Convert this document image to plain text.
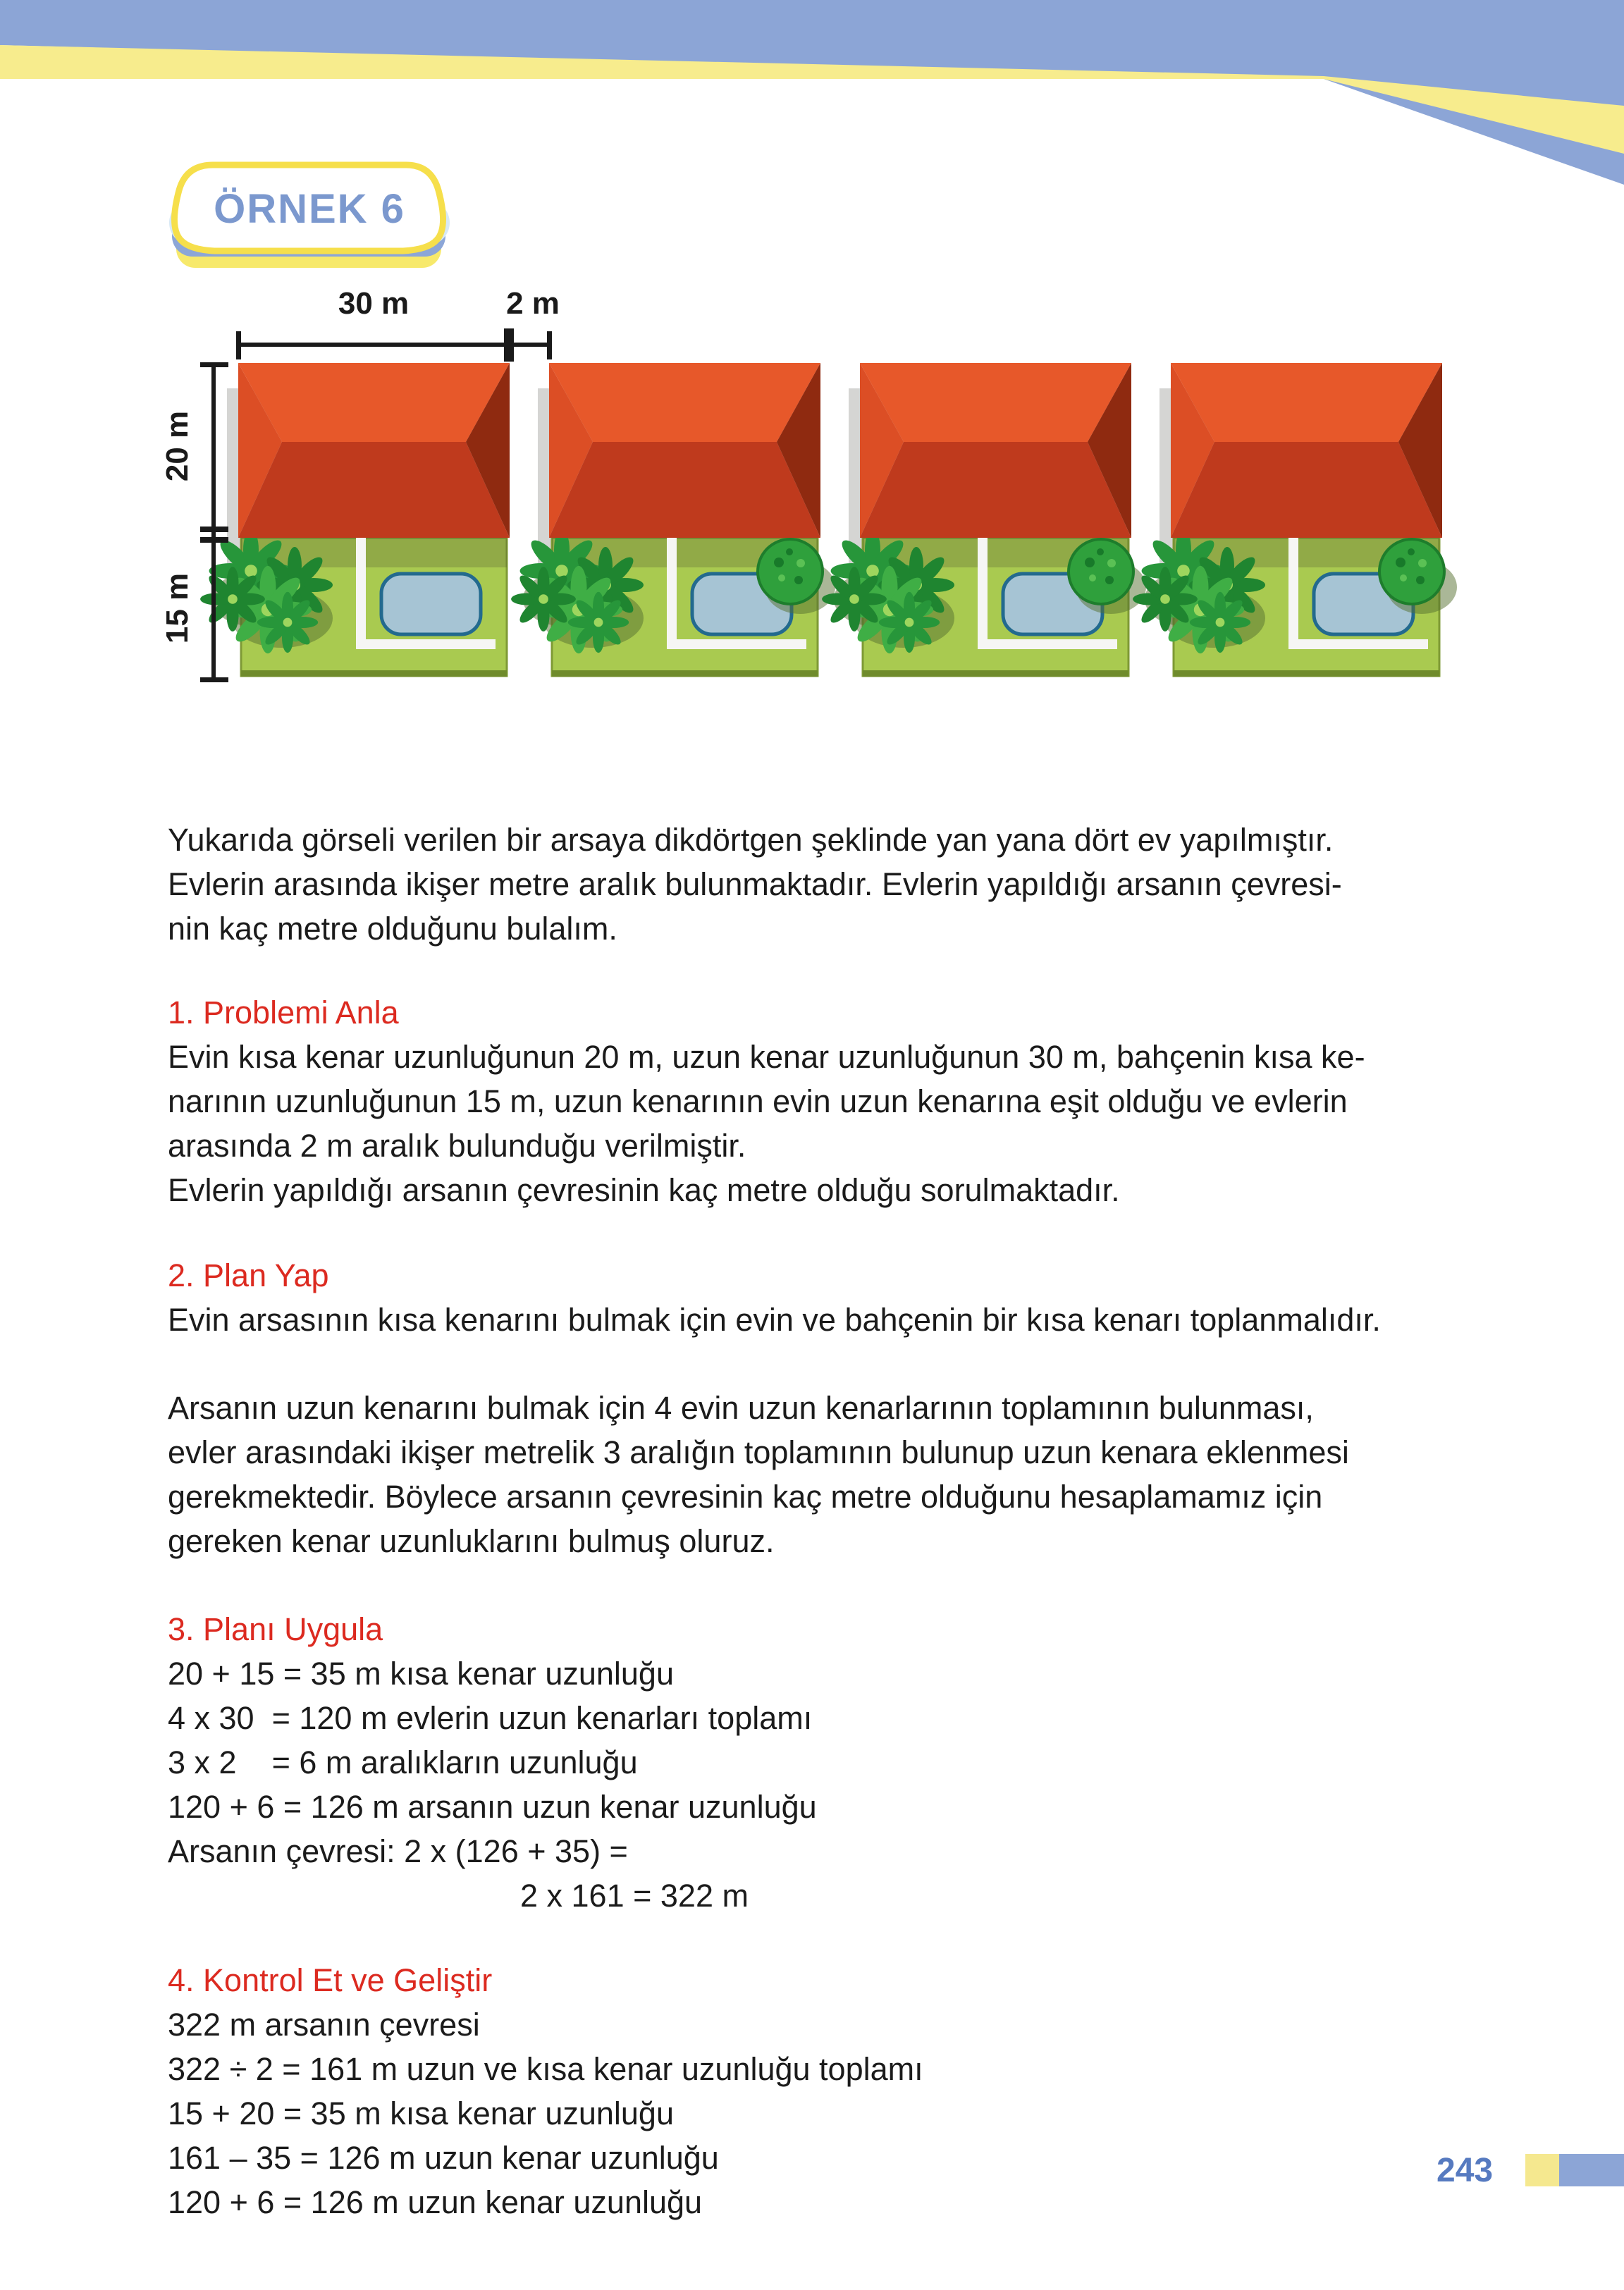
ÖRNEK 6
30 m	2 m
20 m
15 m
Yukarıda görseli verilen bir arsaya dikdörtgen şeklinde yan yana dört ev yapılmıştır.
Evlerin arasında ikişer metre aralık bulunmaktadır. Evlerin yapıldığı arsanın çevresi-
nin kaç metre olduğunu bulalım.
1. Problemi Anla
Evin kısa kenar uzunluğunun 20 m, uzun kenar uzunluğunun 30 m, bahçenin kısa ke-
narının uzunluğunun 15 m, uzun kenarının evin uzun kenarına eşit olduğu ve evlerin
arasında 2 m aralık bulunduğu verilmiştir.
Evlerin yapıldığı arsanın çevresinin kaç metre olduğu sorulmaktadır.
2. Plan Yap
Evin arsasının kısa kenarını bulmak için evin ve bahçenin bir kısa kenarı toplanmalıdır.
Arsanın uzun kenarını bulmak için 4 evin uzun kenarlarının toplamının bulunması,
evler arasındaki ikişer metrelik 3 aralığın toplamının bulunup uzun kenara eklenmesi
gerekmektedir. Böylece arsanın çevresinin kaç metre olduğunu hesaplamamız için
gereken kenar uzunluklarını bulmuş oluruz.
3. Planı Uygula
20 + 15 = 35 m kısa kenar uzunluğu
4 x 30  = 120 m evlerin uzun kenarları toplamı
3 x 2    = 6 m aralıkların uzunluğu
120 + 6 = 126 m arsanın uzun kenar uzunluğu
Arsanın çevresi: 2 x (126 + 35) =
2 x 161 = 322 m
4. Kontrol Et ve Geliştir
322 m arsanın çevresi
322 ÷ 2 = 161 m uzun ve kısa kenar uzunluğu toplamı
15 + 20 = 35 m kısa kenar uzunluğu
161 – 35 = 126 m uzun kenar uzunluğu
120 + 6 = 126 m uzun kenar uzunluğu
243
